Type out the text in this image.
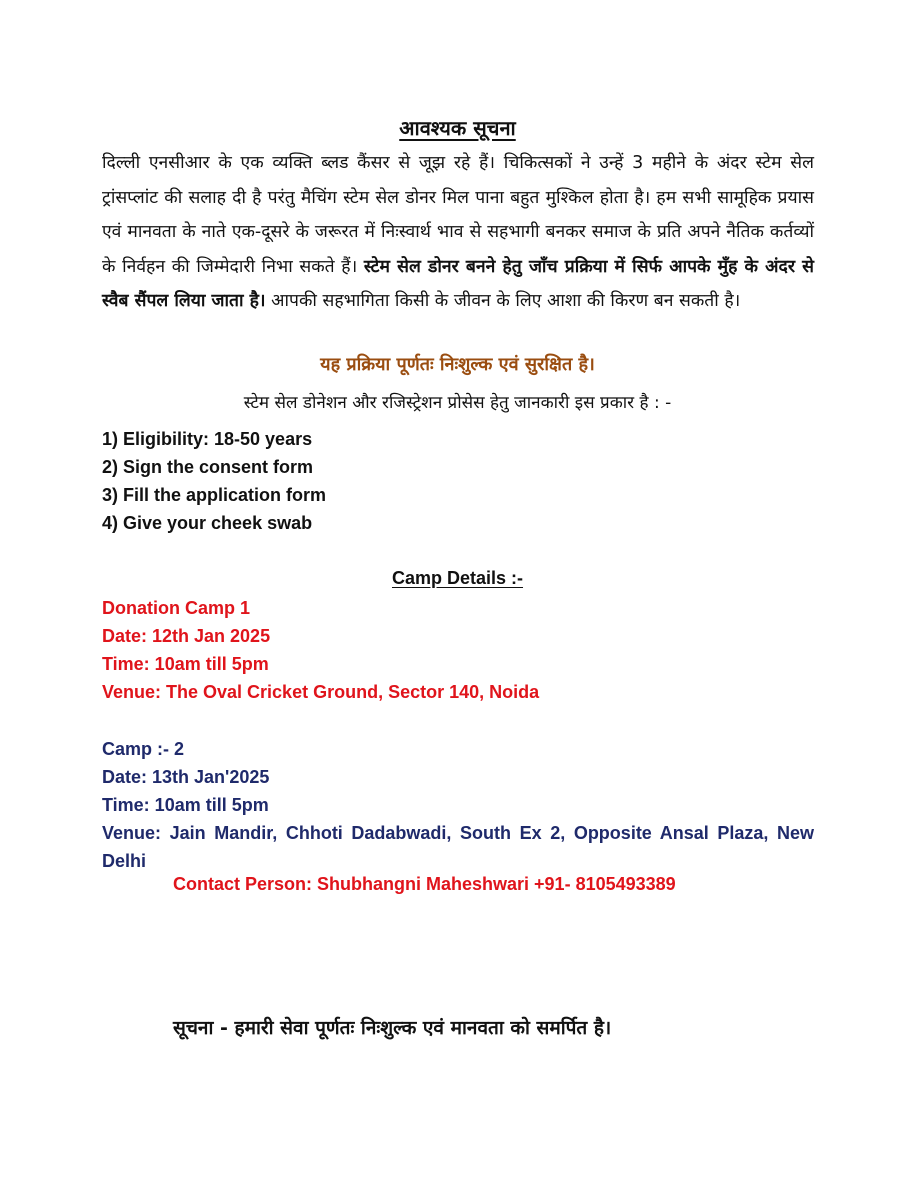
आवश्यक सूचना
दिल्ली एनसीआर के एक व्यक्ति ब्लड कैंसर से जूझ रहे हैं। चिकित्सकों ने उन्हें 3 महीने के अंदर स्टेम सेल ट्रांसप्लांट की सलाह दी है परंतु मैचिंग स्टेम सेल डोनर मिल पाना बहुत मुश्किल होता है। हम सभी सामूहिक प्रयास एवं मानवता के नाते एक-दूसरे के जरूरत में निःस्वार्थ भाव से सहभागी बनकर समाज के प्रति अपने नैतिक कर्तव्यों के निर्वहन की जिम्मेदारी निभा सकते हैं। स्टेम सेल डोनर बनने हेतु जाँच प्रक्रिया में सिर्फ आपके मुँह के अंदर से स्वैब सैंपल लिया जाता है। आपकी सहभागिता किसी के जीवन के लिए आशा की किरण बन सकती है।
यह प्रक्रिया पूर्णतः निःशुल्क एवं सुरक्षित है।
स्टेम सेल डोनेशन और रजिस्ट्रेशन प्रोसेस हेतु जानकारी इस प्रकार है : -
1) Eligibility: 18-50 years
2) Sign the consent form
3) Fill the application form
4) Give your cheek swab
Camp Details :-
Donation Camp 1
Date: 12th Jan 2025
Time: 10am till 5pm
Venue: The Oval Cricket Ground, Sector 140, Noida
Camp :- 2
Date: 13th Jan'2025
Time: 10am till 5pm
Venue: Jain Mandir, Chhoti Dadabwadi, South Ex 2, Opposite Ansal Plaza, New Delhi
Contact Person: Shubhangni Maheshwari +91- 8105493389
सूचना - हमारी सेवा पूर्णतः निःशुल्क एवं मानवता को समर्पित है।
